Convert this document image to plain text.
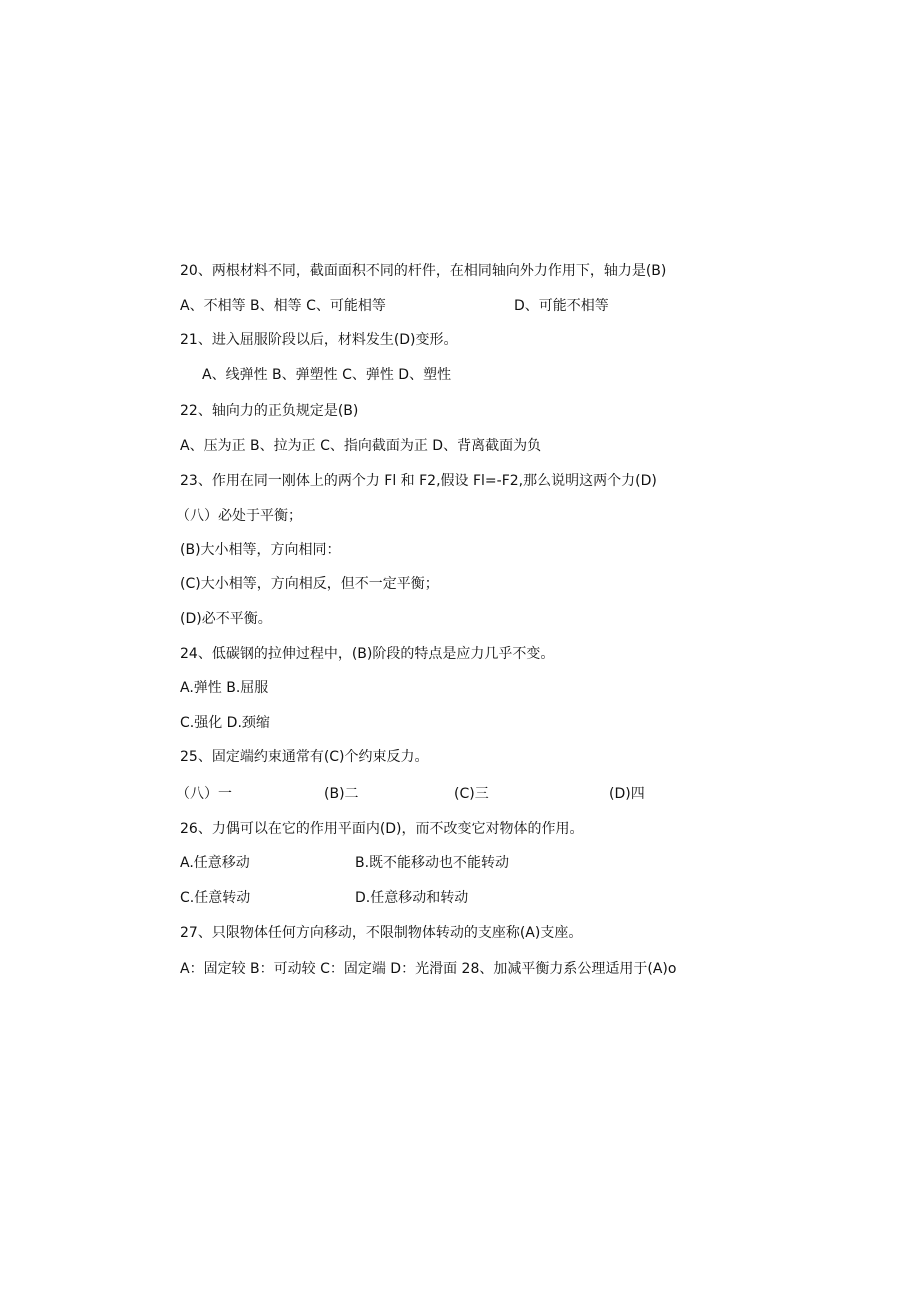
20、两根材料不同，截面面积不同的杆件，在相同轴向外力作用下，轴力是(B)
A、不相等 B、相等 C、可能相等	D、可能不相等
21、进入屈服阶段以后，材料发生(D)变形。
A、线弹性 B、弹塑性 C、弹性 D、塑性
22、轴向力的正负规定是(B)
A、压为正 B、拉为正 C、指向截面为正 D、背离截面为负
23、作用在同一刚体上的两个力 Fl 和 F2,假设 Fl=-F2,那么说明这两个力(D)
（八）必处于平衡；
(B)大小相等，方向相同：
(C)大小相等，方向相反，但不一定平衡；
(D)必不平衡。
24、低碳钢的拉伸过程中，(B)阶段的特点是应力几乎不变。
A.弹性 B.屈服
C.强化 D.颈缩
25、固定端约束通常有(C)个约束反力。
（八）一	(B)二	(C)三	(D)四
26、力偶可以在它的作用平面内(D)，而不改变它对物体的作用。
A.任意移动	B.既不能移动也不能转动
C.任意转动	D.任意移动和转动
27、只限物体任何方向移动，不限制物体转动的支座称(A)支座。
A：固定较 B：可动较 C：固定端 D：光滑面 28、加减平衡力系公理适用于(A)o
